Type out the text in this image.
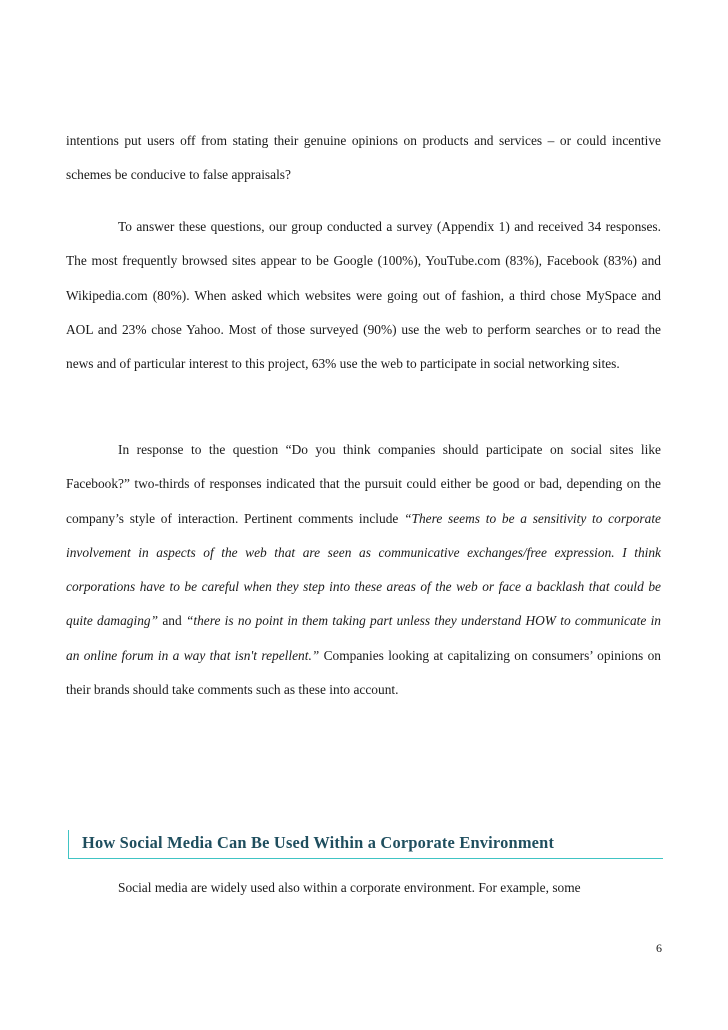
intentions put users off from stating their genuine opinions on products and services – or could incentive schemes be conducive to false appraisals?

To answer these questions, our group conducted a survey (Appendix 1) and received 34 responses. The most frequently browsed sites appear to be Google (100%), YouTube.com (83%), Facebook (83%) and Wikipedia.com (80%). When asked which websites were going out of fashion, a third chose MySpace and AOL and 23% chose Yahoo. Most of those surveyed (90%) use the web to perform searches or to read the news and of particular interest to this project, 63% use the web to participate in social networking sites.

In response to the question “Do you think companies should participate on social sites like Facebook?” two-thirds of responses indicated that the pursuit could either be good or bad, depending on the company’s style of interaction. Pertinent comments include “There seems to be a sensitivity to corporate involvement in aspects of the web that are seen as communicative exchanges/free expression. I think corporations have to be careful when they step into these areas of the web or face a backlash that could be quite damaging” and “there is no point in them taking part unless they understand HOW to communicate in an online forum in a way that isn't repellent.” Companies looking at capitalizing on consumers’ opinions on their brands should take comments such as these into account.

How Social Media Can Be Used Within a Corporate Environment

Social media are widely used also within a corporate environment. For example, some

6
